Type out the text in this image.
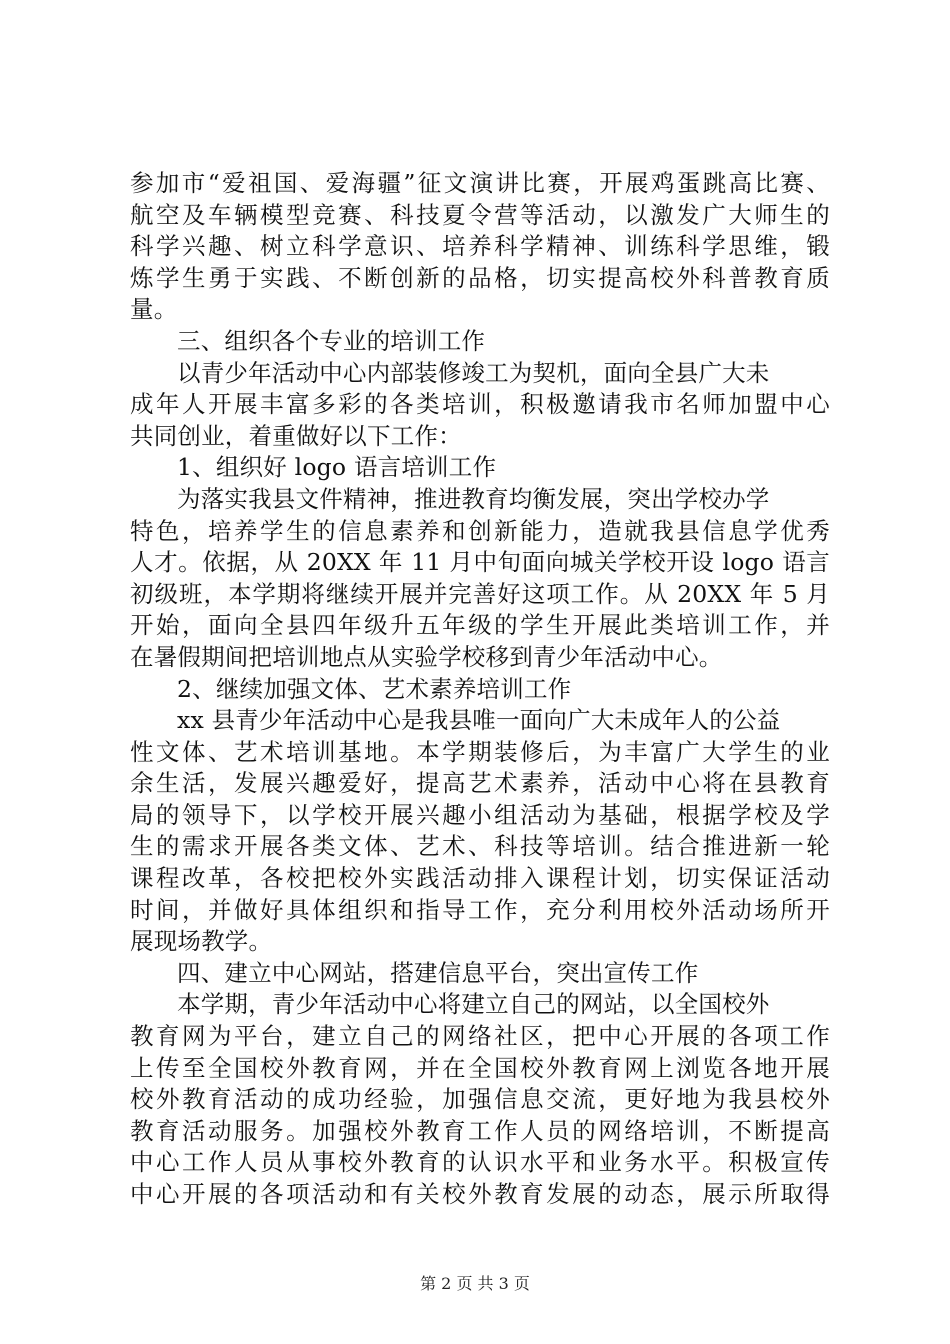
参加市“爱祖国、爱海疆”征文演讲比赛，开展鸡蛋跳高比赛、
航空及车辆模型竞赛、科技夏令营等活动，以激发广大师生的
科学兴趣、树立科学意识、培养科学精神、训练科学思维，锻
炼学生勇于实践、不断创新的品格，切实提高校外科普教育质
量。
三、组织各个专业的培训工作
以青少年活动中心内部装修竣工为契机，面向全县广大未
成年人开展丰富多彩的各类培训，积极邀请我市名师加盟中心
共同创业，着重做好以下工作：
1、组织好 logo 语言培训工作
为落实我县文件精神，推进教育均衡发展，突出学校办学
特色，培养学生的信息素养和创新能力，造就我县信息学优秀
人才。依据，从 20XX 年 11 月中旬面向城关学校开设 logo 语言
初级班，本学期将继续开展并完善好这项工作。从 20XX 年 5 月
开始，面向全县四年级升五年级的学生开展此类培训工作，并
在暑假期间把培训地点从实验学校移到青少年活动中心。
2、继续加强文体、艺术素养培训工作
xx 县青少年活动中心是我县唯一面向广大未成年人的公益
性文体、艺术培训基地。本学期装修后，为丰富广大学生的业
余生活，发展兴趣爱好，提高艺术素养，活动中心将在县教育
局的领导下，以学校开展兴趣小组活动为基础，根据学校及学
生的需求开展各类文体、艺术、科技等培训。结合推进新一轮
课程改革，各校把校外实践活动排入课程计划，切实保证活动
时间，并做好具体组织和指导工作，充分利用校外活动场所开
展现场教学。
四、建立中心网站，搭建信息平台，突出宣传工作
本学期，青少年活动中心将建立自己的网站，以全国校外
教育网为平台，建立自己的网络社区，把中心开展的各项工作
上传至全国校外教育网，并在全国校外教育网上浏览各地开展
校外教育活动的成功经验，加强信息交流，更好地为我县校外
教育活动服务。加强校外教育工作人员的网络培训，不断提高
中心工作人员从事校外教育的认识水平和业务水平。积极宣传
中心开展的各项活动和有关校外教育发展的动态，展示所取得
第 2 页 共 3 页
